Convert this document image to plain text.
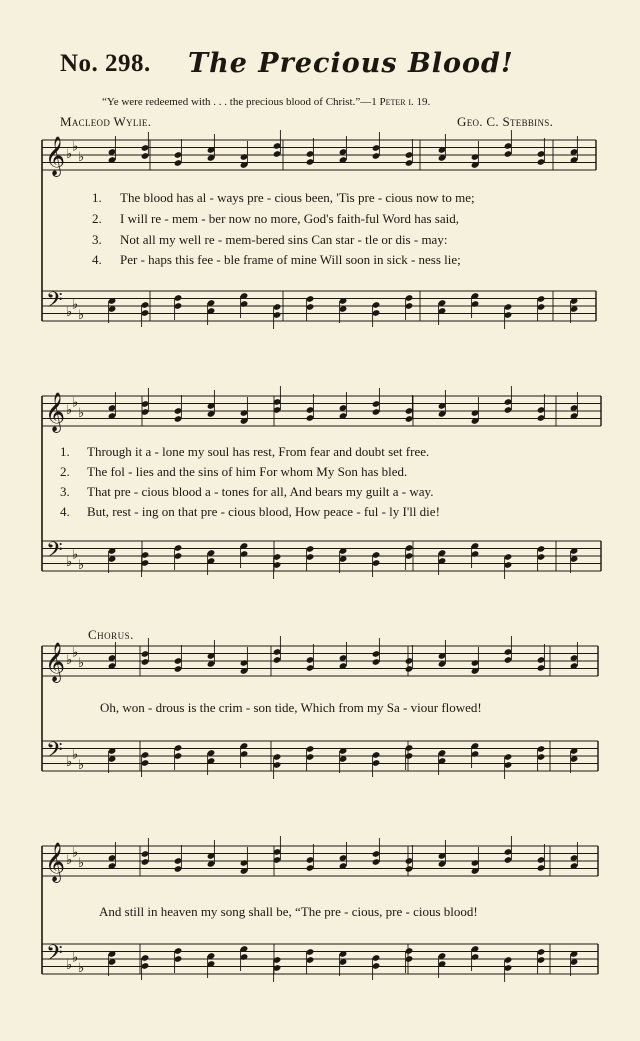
No. 298. The Precious Blood!
“Ye were redeemed with . . . the precious blood of Christ.”—1 Peter i. 19.
Macleod Wylie.	Geo. C. Stebbins.
𝄞
𝄢
♭
♭
♭
♭
♭
♭
𝄞
𝄢
♭
♭
♭
♭
♭
♭
𝄞
𝄢
♭
♭
♭
♭
♭
♭
𝄞
𝄢
♭
♭
♭
♭
♭
♭
1. The blood has al - ways pre - cious been, 'Tis pre - cious now to me;
2. I will re - mem - ber now no more, God's faith-ful Word has said,
3. Not all my well re - mem-bered sins Can star - tle or dis - may:
4. Per - haps this fee - ble frame of mine Will soon in sick - ness lie;
1. Through it a - lone my soul has rest, From fear and doubt set free.
2. The fol - lies and the sins of him For whom My Son has bled.
3. That pre - cious blood a - tones for all, And bears my guilt a - way.
4. But, rest - ing on that pre - cious blood, How peace - ful - ly I'll die!
Chorus.
Oh, won - drous is the crim - son tide, Which from my Sa - viour flowed!
And still in heaven my song shall be, “The pre - cious, pre - cious blood!
